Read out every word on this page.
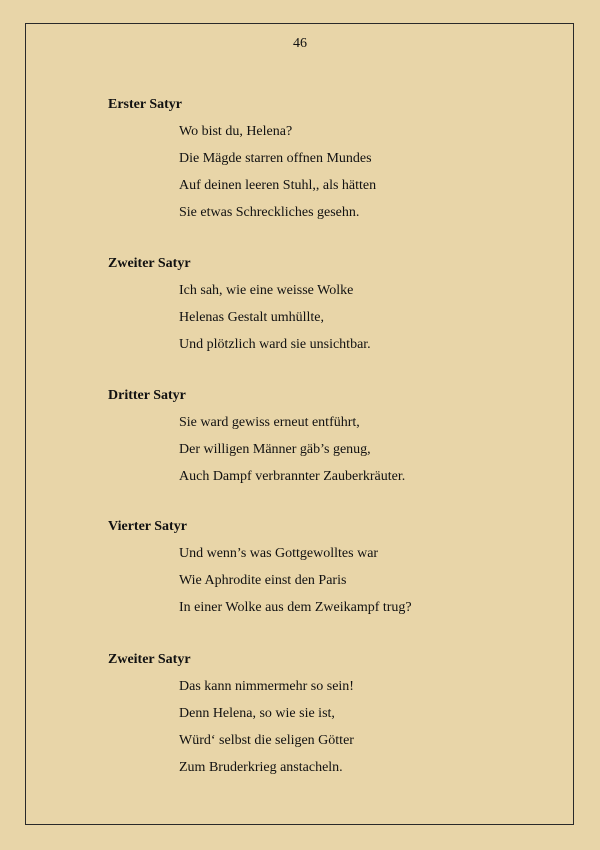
46

Erster Satyr

Wo bist du, Helena?

Die Mägde starren offnen Mundes

Auf deinen leeren Stuhl,, als hätten

Sie etwas Schreckliches gesehn.

Zweiter Satyr

Ich sah, wie eine weisse Wolke

Helenas Gestalt umhüllte,

Und plötzlich ward sie unsichtbar.

Dritter Satyr

Sie ward gewiss erneut entführt,

Der willigen Männer gäb’s genug,

Auch Dampf verbrannter Zauberkräuter.

Vierter Satyr

Und wenn’s was Gottgewolltes war

Wie Aphrodite einst den Paris

In einer Wolke aus dem Zweikampf trug?

Zweiter Satyr

Das kann nimmermehr so sein!

Denn Helena, so wie sie ist,

Würd‘ selbst die seligen Götter

Zum Bruderkrieg anstacheln.
